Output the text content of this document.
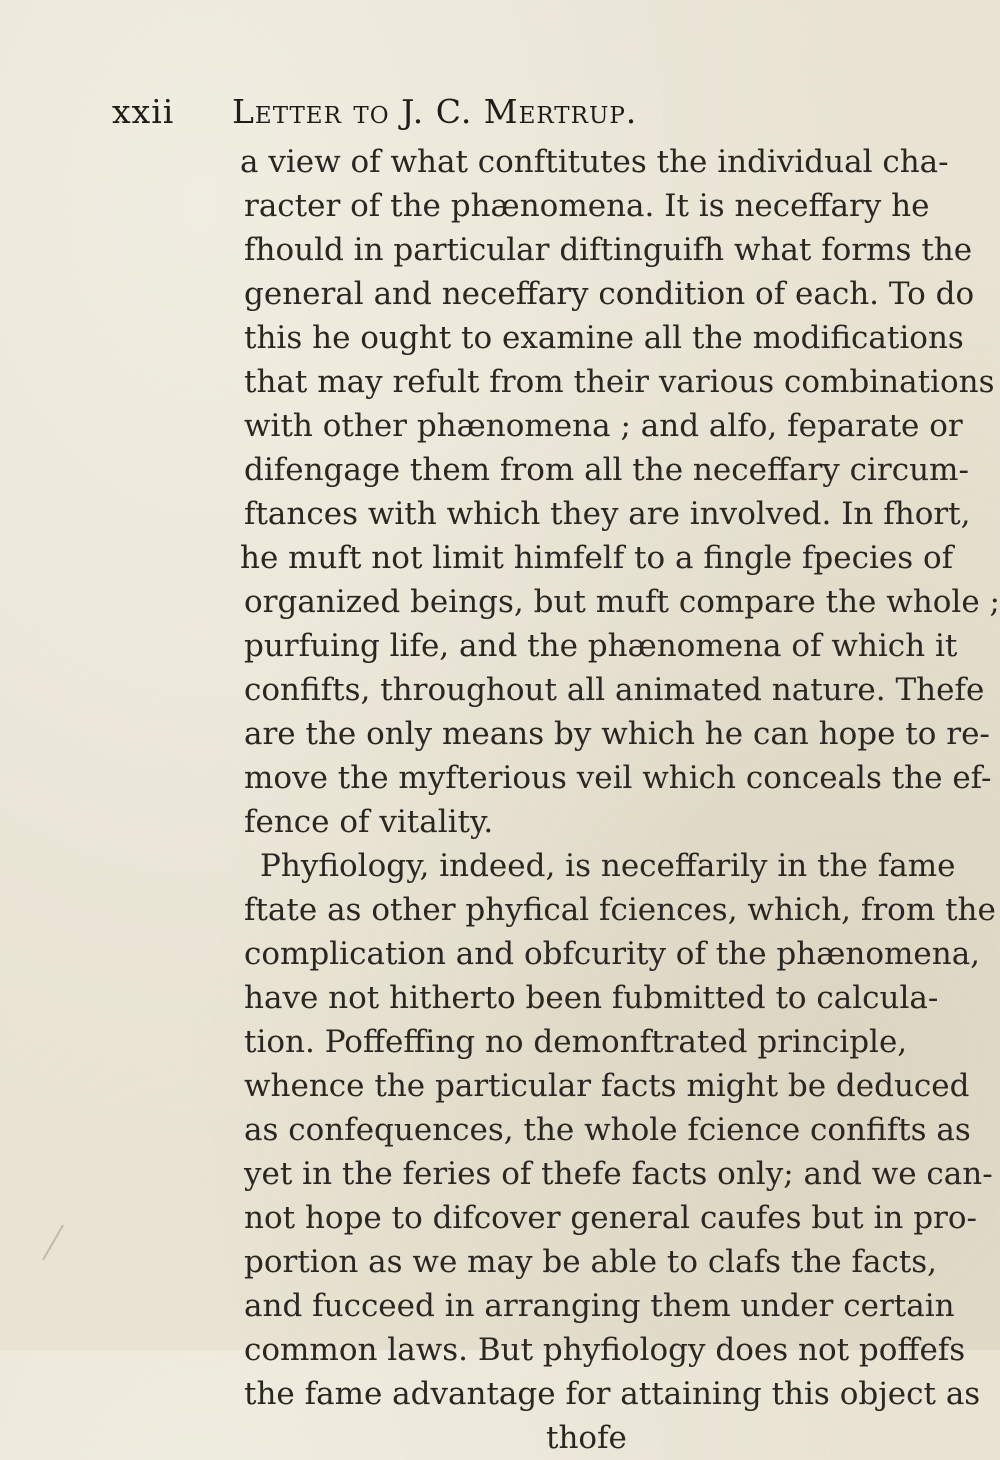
xxii Letter to J. C. Mertrup.
a view of what conftitutes the individual cha-
racter of the phænomena. It is neceffary he
fhould in particular diftinguifh what forms the
general and neceffary condition of each. To do
this he ought to examine all the modifications
that may refult from their various combinations
with other phænomena ; and alfo, feparate or
difengage them from all the neceffary circum-
ftances with which they are involved. In fhort,
he muft not limit himfelf to a fingle fpecies of
organized beings, but muft compare the whole ;
purfuing life, and the phænomena of which it
confifts, throughout all animated nature. Thefe
are the only means by which he can hope to re-
move the myfterious veil which conceals the ef-
fence of vitality.
Phyfiology, indeed, is neceffarily in the fame
ftate as other phyfical fciences, which, from the
complication and obfcurity of the phænomena,
have not hitherto been fubmitted to calcula-
tion. Poffeffing no demonftrated principle,
whence the particular facts might be deduced
as confequences, the whole fcience confifts as
yet in the feries of thefe facts only; and we can-
not hope to difcover general caufes but in pro-
portion as we may be able to clafs the facts,
and fucceed in arranging them under certain
common laws. But phyfiology does not poffefs
the fame advantage for attaining this object as
thofe
